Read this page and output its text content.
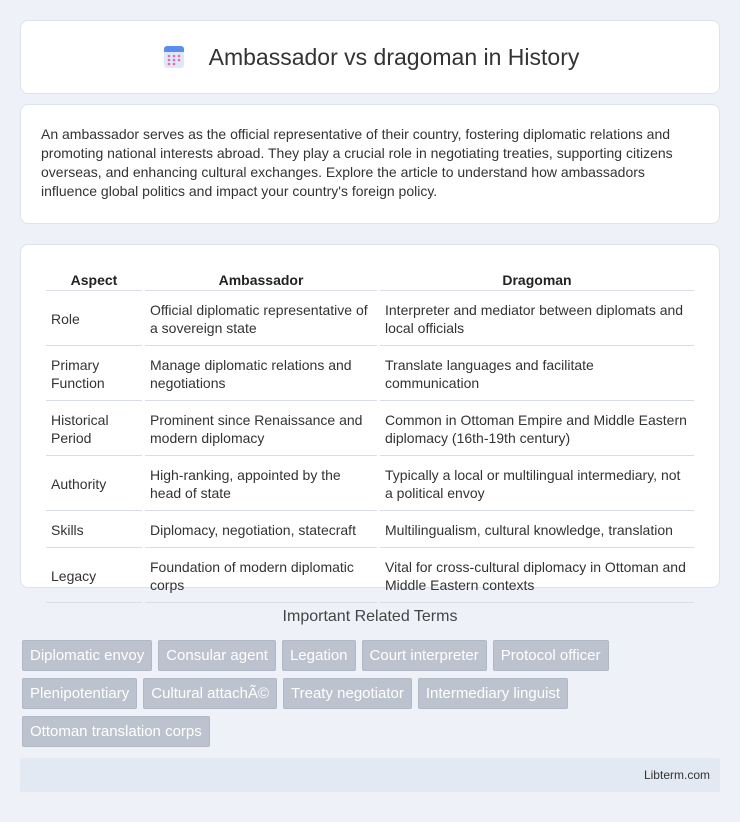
Ambassador vs dragoman in History

An ambassador serves as the official representative of their country, fostering diplomatic relations and promoting national interests abroad. They play a crucial role in negotiating treaties, supporting citizens overseas, and enhancing cultural exchanges. Explore the article to understand how ambassadors influence global politics and impact your country's foreign policy.

Aspect	Ambassador	Dragoman
Role	Official diplomatic representative of a sovereign state	Interpreter and mediator between diplomats and local officials
Primary Function	Manage diplomatic relations and negotiations	Translate languages and facilitate communication
Historical Period	Prominent since Renaissance and modern diplomacy	Common in Ottoman Empire and Middle Eastern diplomacy (16th-19th century)
Authority	High-ranking, appointed by the head of state	Typically a local or multilingual intermediary, not a political envoy
Skills	Diplomacy, negotiation, statecraft	Multilingualism, cultural knowledge, translation
Legacy	Foundation of modern diplomatic corps	Vital for cross-cultural diplomacy in Ottoman and Middle Eastern contexts
Important Related Terms
Diplomatic envoy	Consular agent	Legation	Court interpreter	Protocol officer
Plenipotentiary	Cultural attachÃ©	Treaty negotiator	Intermediary linguist
Ottoman translation corps
Libterm.com
